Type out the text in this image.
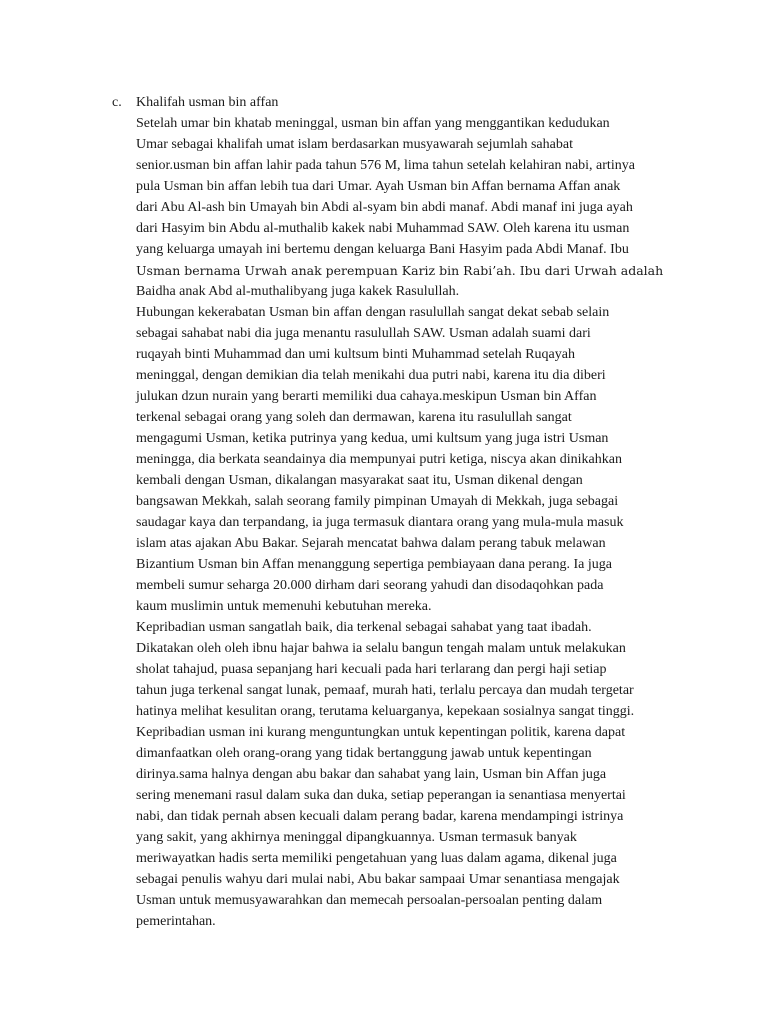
c. Khalifah usman bin affan
Setelah umar bin khatab meninggal, usman bin affan yang menggantikan kedudukan
Umar sebagai khalifah umat islam berdasarkan musyawarah sejumlah sahabat
senior.usman bin affan lahir pada tahun 576 M, lima tahun setelah kelahiran nabi, artinya
pula Usman bin affan lebih tua dari Umar. Ayah Usman bin Affan bernama Affan anak
dari Abu Al-ash bin Umayah bin Abdi al-syam bin abdi manaf. Abdi manaf ini juga ayah
dari Hasyim bin Abdu al-muthalib kakek nabi Muhammad SAW. Oleh karena itu usman
yang keluarga umayah ini bertemu dengan keluarga Bani Hasyim pada Abdi Manaf. Ibu
Usman bernama Urwah anak perempuan Kariz bin Rabi’ah. Ibu dari Urwah adalah
Baidha anak Abd al-muthalibyang juga kakek Rasulullah.
Hubungan kekerabatan Usman bin affan dengan rasulullah sangat dekat sebab selain
sebagai sahabat nabi dia juga menantu rasulullah SAW. Usman adalah suami dari
ruqayah binti Muhammad dan umi kultsum binti Muhammad setelah Ruqayah
meninggal, dengan demikian dia telah menikahi dua putri nabi, karena itu dia diberi
julukan dzun nurain yang berarti memiliki dua cahaya.meskipun Usman bin Affan
terkenal sebagai orang yang soleh dan dermawan, karena itu rasulullah sangat
mengagumi Usman, ketika putrinya yang kedua, umi kultsum yang juga istri Usman
meningga, dia berkata seandainya dia mempunyai putri ketiga, niscya akan dinikahkan
kembali dengan Usman, dikalangan masyarakat saat itu, Usman dikenal dengan
bangsawan Mekkah, salah seorang family pimpinan Umayah di Mekkah, juga sebagai
saudagar kaya dan terpandang, ia juga termasuk diantara orang yang mula-mula masuk
islam atas ajakan Abu Bakar. Sejarah mencatat bahwa dalam perang tabuk melawan
Bizantium Usman bin Affan menanggung sepertiga pembiayaan dana perang. Ia juga
membeli sumur seharga 20.000 dirham dari seorang yahudi dan disodaqohkan pada
kaum muslimin untuk memenuhi kebutuhan mereka.
Kepribadian usman sangatlah baik, dia terkenal sebagai sahabat yang taat ibadah.
Dikatakan oleh oleh ibnu hajar bahwa ia selalu bangun tengah malam untuk melakukan
sholat tahajud, puasa sepanjang hari kecuali pada hari terlarang dan pergi haji setiap
tahun juga terkenal sangat lunak, pemaaf, murah hati, terlalu percaya dan mudah tergetar
hatinya melihat kesulitan orang, terutama keluarganya, kepekaan sosialnya sangat tinggi.
Kepribadian usman ini kurang menguntungkan untuk kepentingan politik, karena dapat
dimanfaatkan oleh orang-orang yang tidak bertanggung jawab untuk kepentingan
dirinya.sama halnya dengan abu bakar dan sahabat yang lain, Usman bin Affan juga
sering menemani rasul dalam suka dan duka, setiap peperangan ia senantiasa menyertai
nabi, dan tidak pernah absen kecuali dalam perang badar, karena mendampingi istrinya
yang sakit, yang akhirnya meninggal dipangkuannya. Usman termasuk banyak
meriwayatkan hadis serta memiliki pengetahuan yang luas dalam agama, dikenal juga
sebagai penulis wahyu dari mulai nabi, Abu bakar sampaai Umar senantiasa mengajak
Usman untuk memusyawarahkan dan memecah persoalan-persoalan penting dalam
pemerintahan.
